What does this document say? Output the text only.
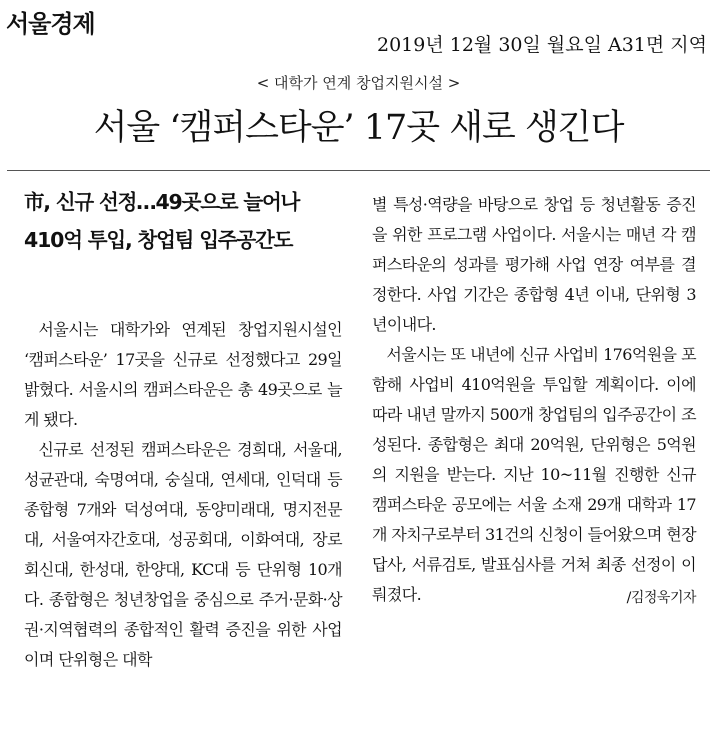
서울경제
2019년 12월 30일 월요일 A31면 지역
< 대학가 연계 창업지원시설 >
서울 ‘캠퍼스타운’ 17곳 새로 생긴다
市, 신규 선정…49곳으로 늘어나
410억 투입, 창업팀 입주공간도

서울시는 대학가와 연계된 창업지원시설인 ‘캠퍼스타운’ 17곳을 신규로 선정했다고 29일 밝혔다. 서울시의 캠퍼스타운은 총 49곳으로 늘게 됐다.

신규로 선정된 캠퍼스타운은 경희대, 서울대, 성균관대, 숙명여대, 숭실대, 연세대, 인덕대 등 종합형 7개와 덕성여대, 동양미래대, 명지전문대, 서울여자간호대, 성공회대, 이화여대, 장로회신대, 한성대, 한양대, KC대 등 단위형 10개다. 종합형은 청년창업을 중심으로 주거·문화·상권·지역협력의 종합적인 활력 증진을 위한 사업이며 단위형은 대학

별 특성·역량을 바탕으로 창업 등 청년활동 증진을 위한 프로그램 사업이다. 서울시는 매년 각 캠퍼스타운의 성과를 평가해 사업 연장 여부를 결정한다. 사업 기간은 종합형 4년 이내, 단위형 3년이내다.

서울시는 또 내년에 신규 사업비 176억원을 포함해 사업비 410억원을 투입할 계획이다. 이에 따라 내년 말까지 500개 창업팀의 입주공간이 조성된다. 종합형은 최대 20억원, 단위형은 5억원의 지원을 받는다. 지난 10~11월 진행한 신규 캠퍼스타운 공모에는 서울 소재 29개 대학과 17개 자치구로부터 31건의 신청이 들어왔으며 현장답사, 서류검토, 발표심사를 거쳐 최종 선정이 이뤄졌다.	/김정욱기자
